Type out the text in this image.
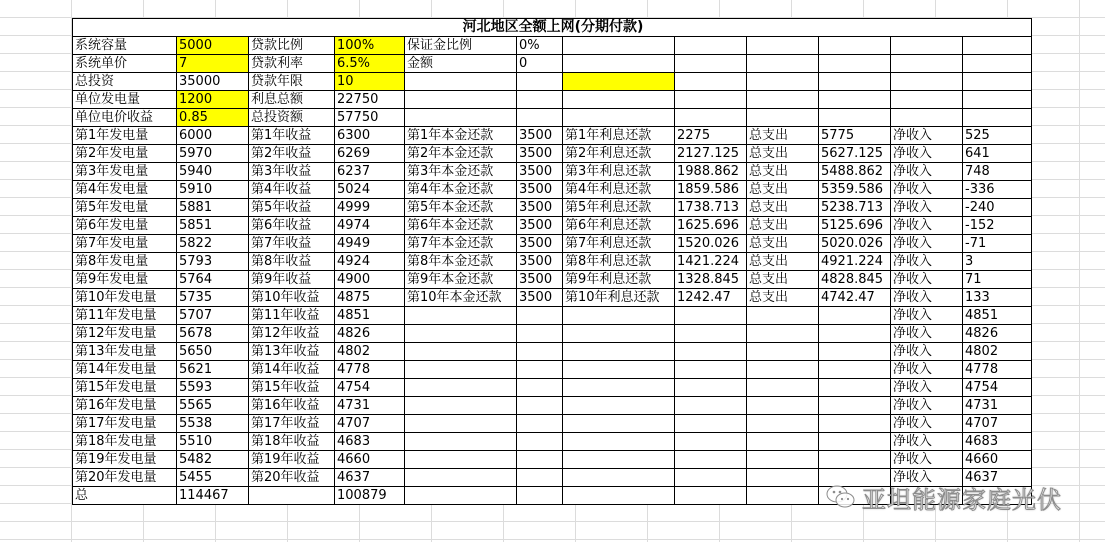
河北地区全额上网(分期付款)											
系统容量	5000	贷款比例	100%	保证金比例	0%						
系统单价	7	贷款利率	6.5%	金额	0						
总投资	35000	贷款年限	10								
单位发电量	1200	利息总额	22750								
单位电价收益	0.85	总投资额	57750								
第1年发电量	6000	第1年收益	6300	第1年本金还款	3500	第1年利息还款	2275	总支出	5775	净收入	525
第2年发电量	5970	第2年收益	6269	第2年本金还款	3500	第2年利息还款	2127.125	总支出	5627.125	净收入	641
第3年发电量	5940	第3年收益	6237	第3年本金还款	3500	第3年利息还款	1988.862	总支出	5488.862	净收入	748
第4年发电量	5910	第4年收益	5024	第4年本金还款	3500	第4年利息还款	1859.586	总支出	5359.586	净收入	-336
第5年发电量	5881	第5年收益	4999	第5年本金还款	3500	第5年利息还款	1738.713	总支出	5238.713	净收入	-240
第6年发电量	5851	第6年收益	4974	第6年本金还款	3500	第6年利息还款	1625.696	总支出	5125.696	净收入	-152
第7年发电量	5822	第7年收益	4949	第7年本金还款	3500	第7年利息还款	1520.026	总支出	5020.026	净收入	-71
第8年发电量	5793	第8年收益	4924	第8年本金还款	3500	第8年利息还款	1421.224	总支出	4921.224	净收入	3
第9年发电量	5764	第9年收益	4900	第9年本金还款	3500	第9年利息还款	1328.845	总支出	4828.845	净收入	71
第10年发电量	5735	第10年收益	4875	第10年本金还款	3500	第10年利息还款	1242.47	总支出	4742.47	净收入	133
第11年发电量	5707	第11年收益	4851							净收入	4851
第12年发电量	5678	第12年收益	4826							净收入	4826
第13年发电量	5650	第13年收益	4802							净收入	4802
第14年发电量	5621	第14年收益	4778							净收入	4778
第15年发电量	5593	第15年收益	4754							净收入	4754
第16年发电量	5565	第16年收益	4731							净收入	4731
第17年发电量	5538	第17年收益	4707							净收入	4707
第18年发电量	5510	第18年收益	4683							净收入	4683
第19年发电量	5482	第19年收益	4660							净收入	4660
第20年发电量	5455	第20年收益	4637							净收入	4637
总	114467		100879									亚坦能源家庭光伏
